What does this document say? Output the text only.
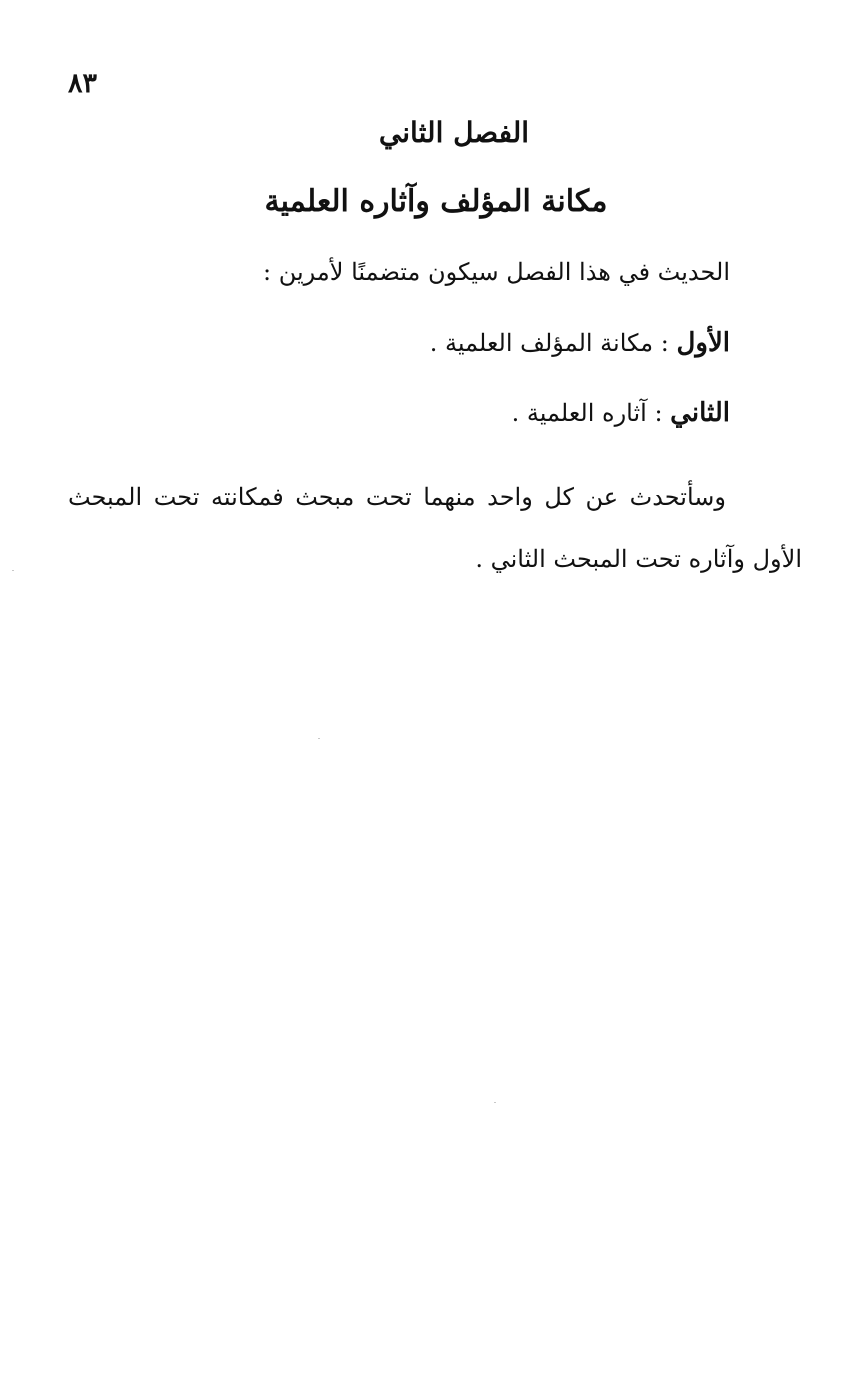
٨٣
الفصل الثاني
مكانة المؤلف وآثاره العلمية
الحديث في هذا الفصل سيكون متضمنًا لأمرين :
الأول : مكانة المؤلف العلمية .
الثاني : آثاره العلمية .
وسأتحدث عن كل واحد منهما تحت مبحث فمكانته تحت المبحث
الأول وآثاره تحت المبحث الثاني .
